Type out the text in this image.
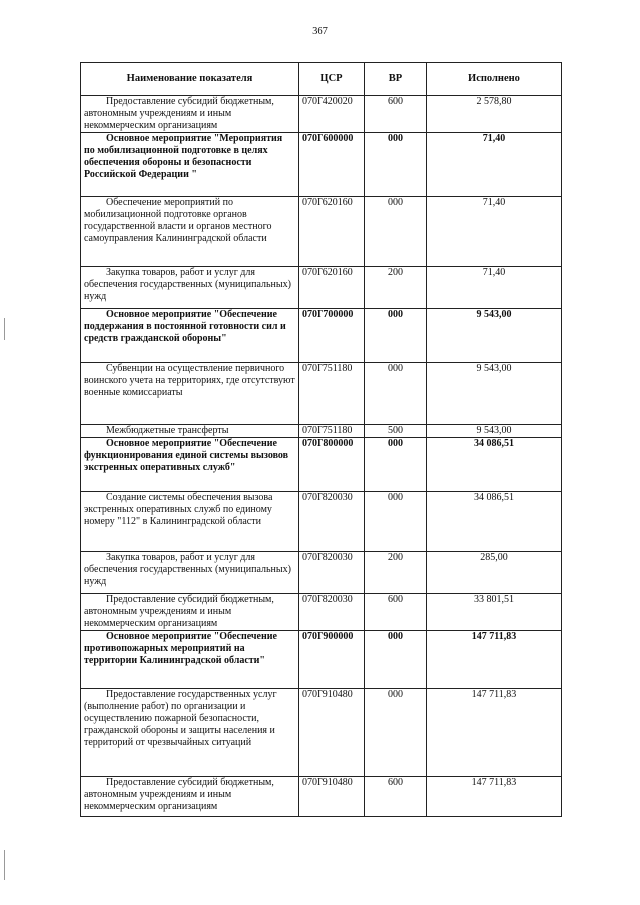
367
Наименование показателя	ЦСР	ВР	Исполнено
Предоставление субсидий бюджетным, автономным учреждениям и иным некоммерческим организациям	070Г420020	600	2 578,80
Основное мероприятие "Мероприятия по мобилизационной подготовке в целях обеспечения обороны и безопасности Российской Федерации "	070Г600000	000	71,40
Обеспечение мероприятий по мобилизационной подготовке органов государственной власти и органов местного самоуправления Калининградской области	070Г620160	000	71,40
Закупка товаров, работ и услуг для обеспечения государственных (муниципальных) нужд	070Г620160	200	71,40
Основное мероприятие "Обеспечение поддержания в постоянной готовности сил и средств гражданской обороны"	070Г700000	000	9 543,00
Субвенции на осуществление первичного воинского учета на территориях, где отсутствуют военные комиссариаты	070Г751180	000	9 543,00
Межбюджетные трансферты	070Г751180	500	9 543,00
Основное мероприятие "Обеспечение функционирования единой системы вызовов экстренных оперативных служб"	070Г800000	000	34 086,51
Создание системы обеспечения вызова экстренных оперативных служб по единому номеру "112" в Калининградской области	070Г820030	000	34 086,51
Закупка товаров, работ и услуг для обеспечения государственных (муниципальных) нужд	070Г820030	200	285,00
Предоставление субсидий бюджетным, автономным учреждениям и иным некоммерческим организациям	070Г820030	600	33 801,51
Основное мероприятие "Обеспечение противопожарных мероприятий на территории Калининградской области"	070Г900000	000	147 711,83
Предоставление государственных услуг (выполнение работ) по организации и осуществлению пожарной безопасности, гражданской обороны и защиты населения и территорий от чрезвычайных ситуаций	070Г910480	000	147 711,83
Предоставление субсидий бюджетным, автономным учреждениям и иным некоммерческим организациям	070Г910480	600	147 711,83
